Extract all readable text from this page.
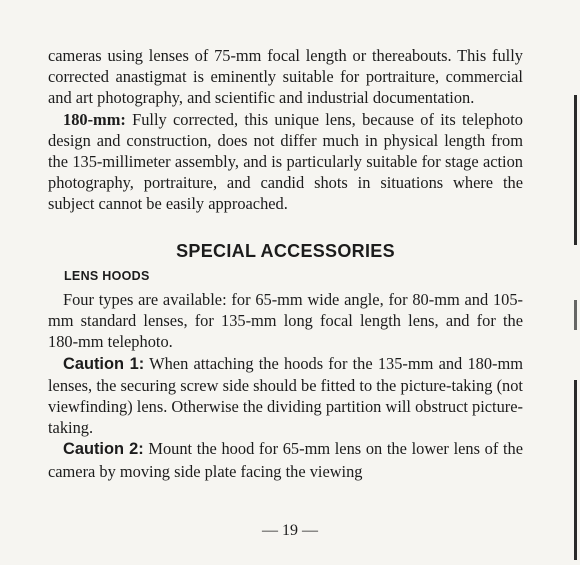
cameras using lenses of 75-mm focal length or thereabouts. This fully corrected anastigmat is eminently suitable for portraiture, commercial and art photography, and scientific and industrial documentation.

180-mm: Fully corrected, this unique lens, because of its telephoto design and construction, does not differ much in physical length from the 135-millimeter assembly, and is particularly suitable for stage action photography, portraiture, and candid shots in situations where the subject cannot be easily approached.

SPECIAL ACCESSORIES
LENS HOODS

Four types are available: for 65-mm wide angle, for 80-mm and 105-mm standard lenses, for 135-mm long focal length lens, and for the 180-mm telephoto.

Caution 1: When attaching the hoods for the 135-mm and 180-mm lenses, the securing screw side should be fitted to the picture-taking (not viewfinding) lens. Otherwise the dividing partition will obstruct picture-taking.

Caution 2: Mount the hood for 65-mm lens on the lower lens of the camera by moving side plate facing the viewing

— 19 —
